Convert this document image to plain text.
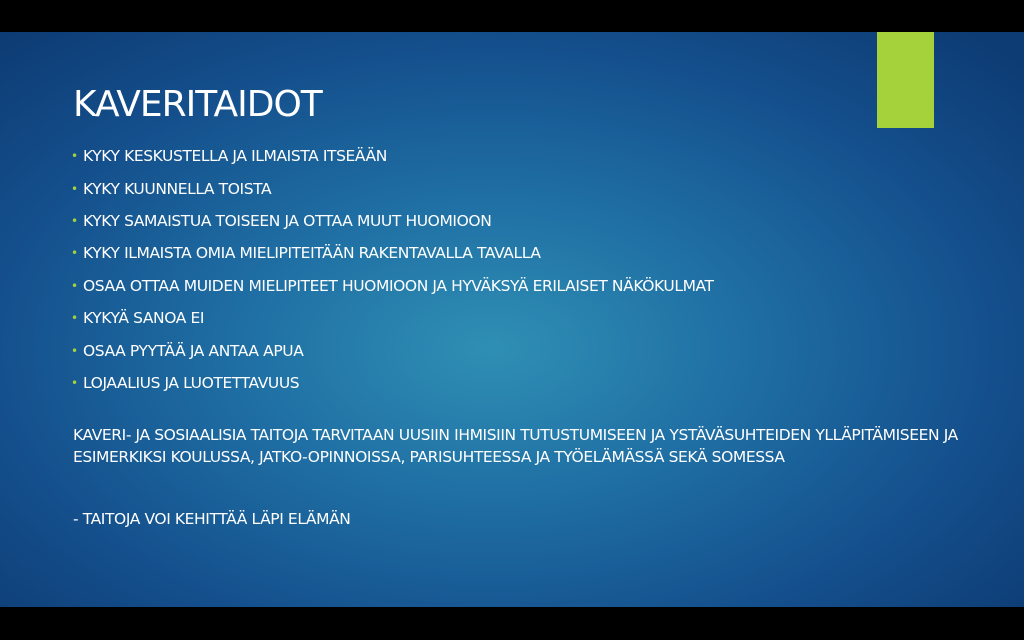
KAVERITAIDOT
• KYKY KESKUSTELLA JA ILMAISTA ITSEÄÄN
• KYKY KUUNNELLA TOISTA
• KYKY SAMAISTUA TOISEEN JA OTTAA MUUT HUOMIOON
• KYKY ILMAISTA OMIA MIELIPITEITÄÄN RAKENTAVALLA TAVALLA
• OSAA OTTAA MUIDEN MIELIPITEET HUOMIOON JA HYVÄKSYÄ ERILAISET NÄKÖKULMAT
• KYKYÄ SANOA EI
• OSAA PYYTÄÄ JA ANTAA APUA
• LOJAALIUS JA LUOTETTAVUUS

KAVERI- JA SOSIAALISIA TAITOJA TARVITAAN UUSIIN IHMISIIN TUTUSTUMISEEN JA YSTÄVÄSUHTEIDEN YLLÄPITÄMISEEN JA ESIMERKIKSI KOULUSSA, JATKO-OPINNOISSA, PARISUHTEESSA JA TYÖELÄMÄSSÄ SEKÄ SOMESSA

- TAITOJA VOI KEHITTÄÄ LÄPI ELÄMÄN
